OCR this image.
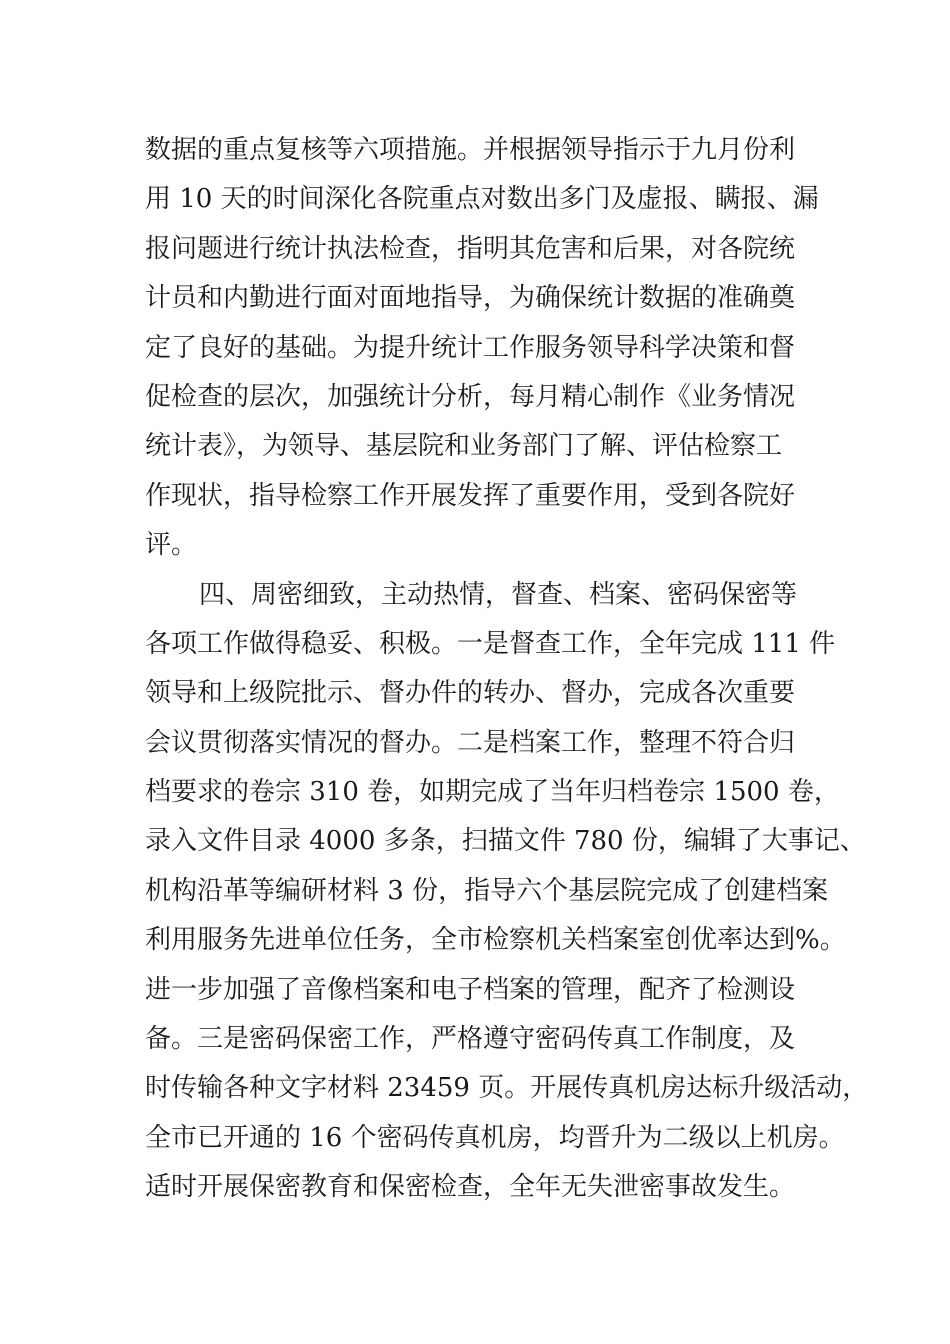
数据的重点复核等六项措施。并根据领导指示于九月份利
用 10 天的时间深化各院重点对数出多门及虚报、瞒报、漏
报问题进行统计执法检查，指明其危害和后果，对各院统
计员和内勤进行面对面地指导，为确保统计数据的准确奠
定了良好的基础。为提升统计工作服务领导科学决策和督
促检查的层次，加强统计分析，每月精心制作《业务情况
统计表》，为领导、基层院和业务部门了解、评估检察工
作现状，指导检察工作开展发挥了重要作用，受到各院好
评。
四、周密细致，主动热情，督查、档案、密码保密等
各项工作做得稳妥、积极。一是督查工作，全年完成 111 件
领导和上级院批示、督办件的转办、督办，完成各次重要
会议贯彻落实情况的督办。二是档案工作，整理不符合归
档要求的卷宗 310 卷，如期完成了当年归档卷宗 1500 卷，
录入文件目录 4000 多条，扫描文件 780 份，编辑了大事记、
机构沿革等编研材料 3 份，指导六个基层院完成了创建档案
利用服务先进单位任务，全市检察机关档案室创优率达到%。
进一步加强了音像档案和电子档案的管理，配齐了检测设
备。三是密码保密工作，严格遵守密码传真工作制度，及
时传输各种文字材料 23459 页。开展传真机房达标升级活动，
全市已开通的 16 个密码传真机房，均晋升为二级以上机房。
适时开展保密教育和保密检查，全年无失泄密事故发生。
